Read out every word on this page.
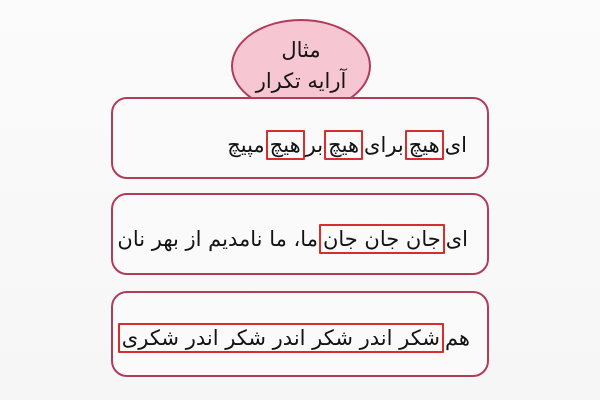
مثال
آرایه تکرار
ایهیچبرایهیچبرهیچمپیچ
ایجان جان جانما، ما نامدیم از بهر نان
همشکر اندر شکر اندر شکر اندر شکری
